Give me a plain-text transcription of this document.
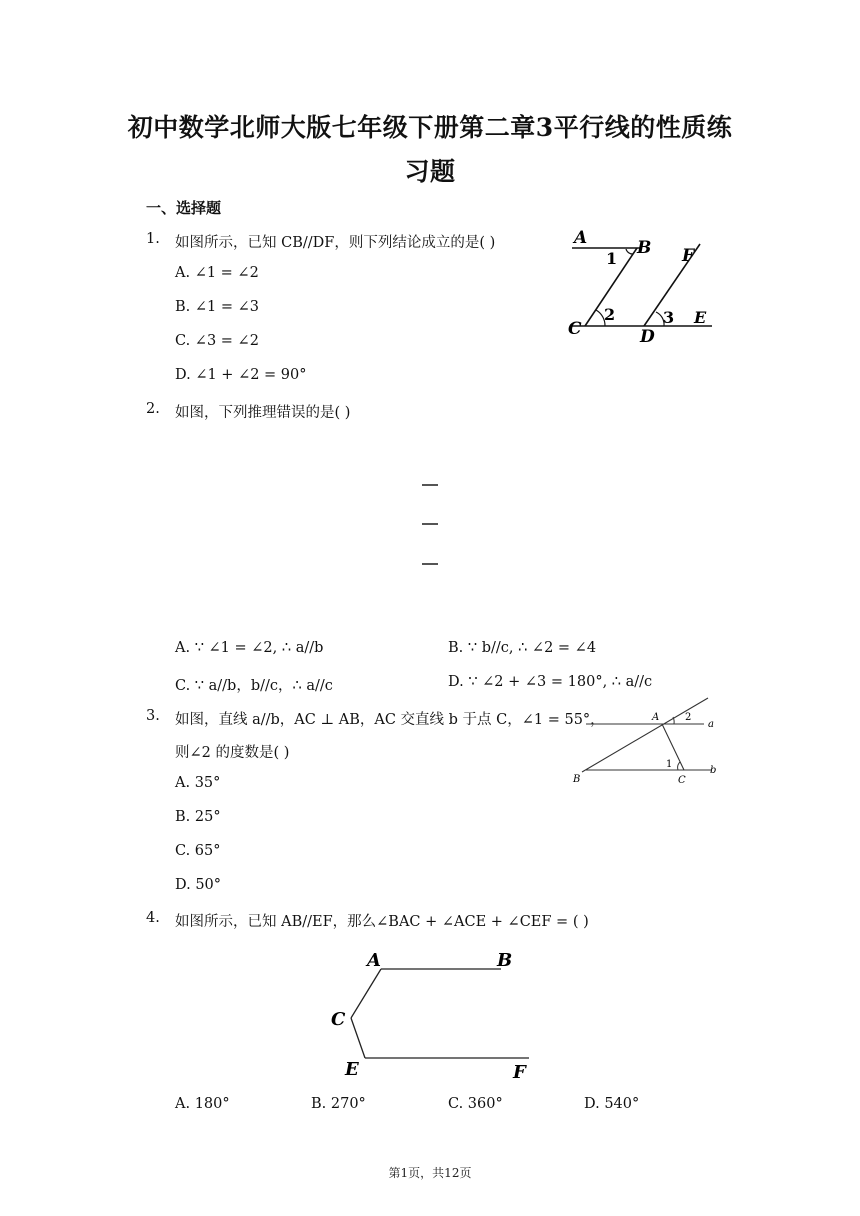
初中数学北师大版七年级下册第二章3平行线的性质练
习题
一、选择题
1. 如图所示，已知 CB//DF，则下列结论成立的是( )
A. ∠1 = ∠2
B. ∠1 = ∠3
C. ∠3 = ∠2
D. ∠1 + ∠2 = 90°
A	B F
1
2	3
C	D
E
2. 如图，下列推理错误的是( )
A. ∵ ∠1 = ∠2, ∴ a//b	B. ∵ b//c, ∴ ∠2 = ∠4
C. ∵ a//b，b//c，∴ a//c	D. ∵ ∠2 + ∠3 = 180°, ∴ a//c
3. 如图，直线 a//b，AC ⊥ AB，AC 交直线 b 于点 C，∠1 = 55°，
则∠2 的度数是( )
A. 35°
B. 25°
C. 65°
D. 50°
A	2
a
1
B	C
b
4. 如图所示，已知 AB//EF，那么∠BAC + ∠ACE + ∠CEF = ( )
A	B
C
E	F
A. 180°	B. 270°	C. 360°	D. 540°
第1页，共12页
